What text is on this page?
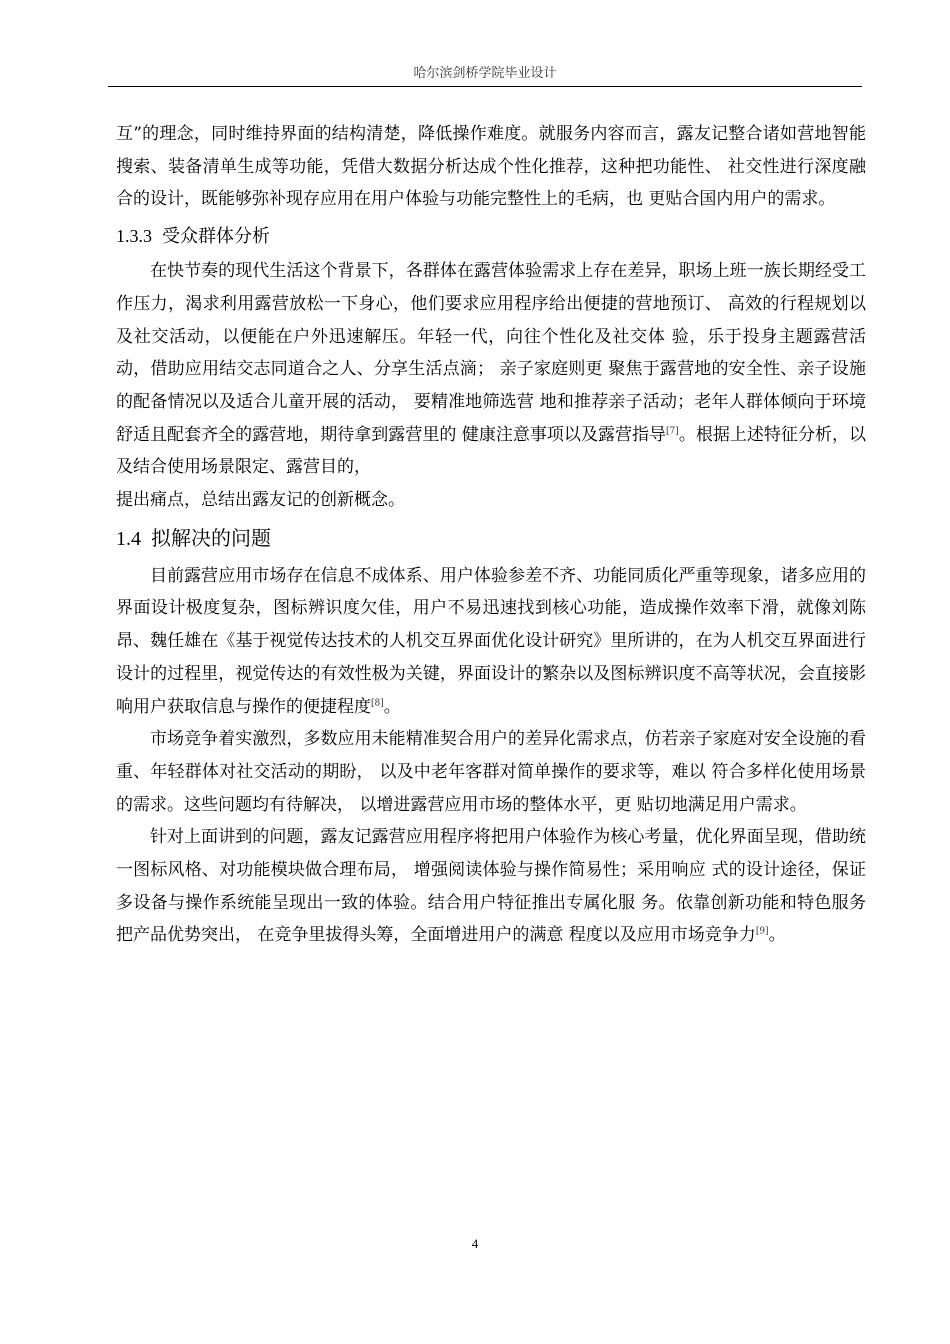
哈尔滨剑桥学院毕业设计

互”的理念，同时维持界面的结构清楚，降低操作难度。就服务内容而言，露友记整合诸如营地智能搜索、装备清单生成等功能，凭借大数据分析达成个性化推荐，这种把功能性、 社交性进行深度融合的设计，既能够弥补现存应用在用户体验与功能完整性上的毛病，也 更贴合国内用户的需求。

1.3.3 受众群体分析

在快节奏的现代生活这个背景下，各群体在露营体验需求上存在差异，职场上班一族长期经受工作压力，渴求利用露营放松一下身心，他们要求应用程序给出便捷的营地预订、 高效的行程规划以及社交活动，以便能在户外迅速解压。年轻一代，向往个性化及社交体 验，乐于投身主题露营活动，借助应用结交志同道合之人、分享生活点滴； 亲子家庭则更 聚焦于露营地的安全性、亲子设施的配备情况以及适合儿童开展的活动， 要精准地筛选营 地和推荐亲子活动；老年人群体倾向于环境舒适且配套齐全的露营地，期待拿到露营里的 健康注意事项以及露营指导[7]。根据上述特征分析，以及结合使用场景限定、露营目的，

提出痛点，总结出露友记的创新概念。

1.4 拟解决的问题

目前露营应用市场存在信息不成体系、用户体验参差不齐、功能同质化严重等现象，诸多应用的界面设计极度复杂，图标辨识度欠佳，用户不易迅速找到核心功能，造成操作效率下滑，就像刘陈昂、魏任雄在《基于视觉传达技术的人机交互界面优化设计研究》里所讲的，在为人机交互界面进行设计的过程里，视觉传达的有效性极为关键，界面设计的繁杂以及图标辨识度不高等状况，会直接影响用户获取信息与操作的便捷程度[8]。

市场竞争着实激烈，多数应用未能精准契合用户的差异化需求点，仿若亲子家庭对安全设施的看重、年轻群体对社交活动的期盼， 以及中老年客群对简单操作的要求等，难以 符合多样化使用场景的需求。这些问题均有待解决， 以增进露营应用市场的整体水平，更 贴切地满足用户需求。

针对上面讲到的问题，露友记露营应用程序将把用户体验作为核心考量，优化界面呈现，借助统一图标风格、对功能模块做合理布局， 增强阅读体验与操作简易性；采用响应 式的设计途径，保证多设备与操作系统能呈现出一致的体验。结合用户特征推出专属化服 务。依靠创新功能和特色服务把产品优势突出， 在竞争里拔得头筹，全面增进用户的满意 程度以及应用市场竞争力[9]。

4
